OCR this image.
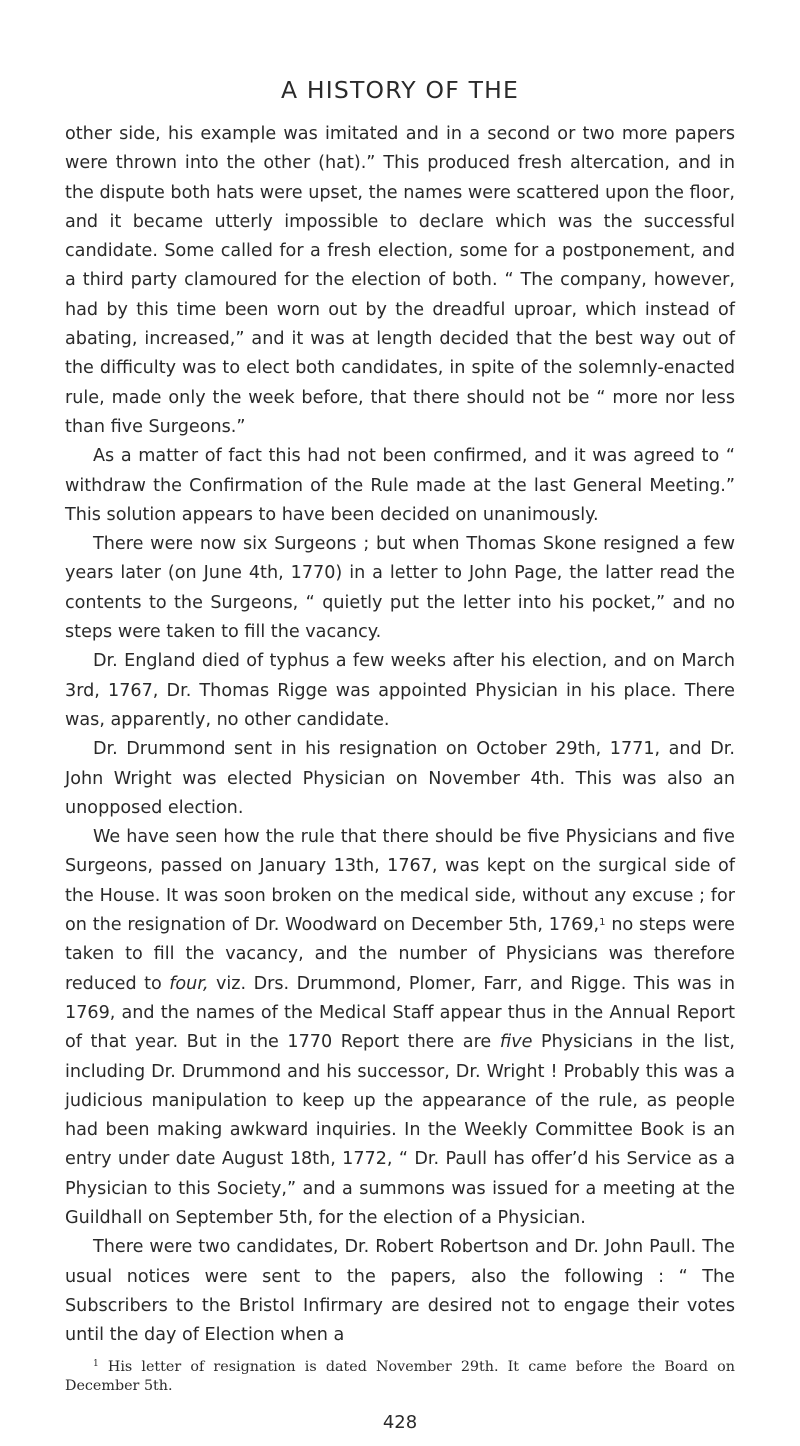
A HISTORY OF THE

other side, his example was imitated and in a second or two more papers were thrown into the other (hat).” This produced fresh altercation, and in the dispute both hats were upset, the names were scattered upon the floor, and it became utterly impossible to declare which was the successful candidate. Some called for a fresh election, some for a postponement, and a third party clamoured for the election of both. “ The company, however, had by this time been worn out by the dreadful uproar, which instead of abating, increased,” and it was at length decided that the best way out of the difficulty was to elect both candidates, in spite of the solemnly-enacted rule, made only the week before, that there should not be “ more nor less than five Surgeons.”

As a matter of fact this had not been confirmed, and it was agreed to “ withdraw the Confirmation of the Rule made at the last General Meeting.” This solution appears to have been decided on unanimously.

There were now six Surgeons ; but when Thomas Skone resigned a few years later (on June 4th, 1770) in a letter to John Page, the latter read the contents to the Surgeons, “ quietly put the letter into his pocket,” and no steps were taken to fill the vacancy.

Dr. England died of typhus a few weeks after his election, and on March 3rd, 1767, Dr. Thomas Rigge was appointed Physician in his place. There was, apparently, no other candidate.

Dr. Drummond sent in his resignation on October 29th, 1771, and Dr. John Wright was elected Physician on November 4th. This was also an unopposed election.

We have seen how the rule that there should be five Physicians and five Surgeons, passed on January 13th, 1767, was kept on the surgical side of the House. It was soon broken on the medical side, without any excuse ; for on the resignation of Dr. Woodward on December 5th, 1769,$^1$ no steps were taken to fill the vacancy, and the number of Physicians was therefore reduced to four, viz. Drs. Drummond, Plomer, Farr, and Rigge. This was in 1769, and the names of the Medical Staff appear thus in the Annual Report of that year. But in the 1770 Report there are five Physicians in the list, including Dr. Drummond and his successor, Dr. Wright ! Probably this was a judicious manipulation to keep up the appearance of the rule, as people had been making awkward inquiries. In the Weekly Committee Book is an entry under date August 18th, 1772, “ Dr. Paull has offer’d his Service as a Physician to this Society,” and a summons was issued for a meeting at the Guildhall on September 5th, for the election of a Physician.

There were two candidates, Dr. Robert Robertson and Dr. John Paull. The usual notices were sent to the papers, also the following : “ The Subscribers to the Bristol Infirmary are desired not to engage their votes until the day of Election when a

$^1$ His letter of resignation is dated November 29th. It came before the Board on December 5th.

428
